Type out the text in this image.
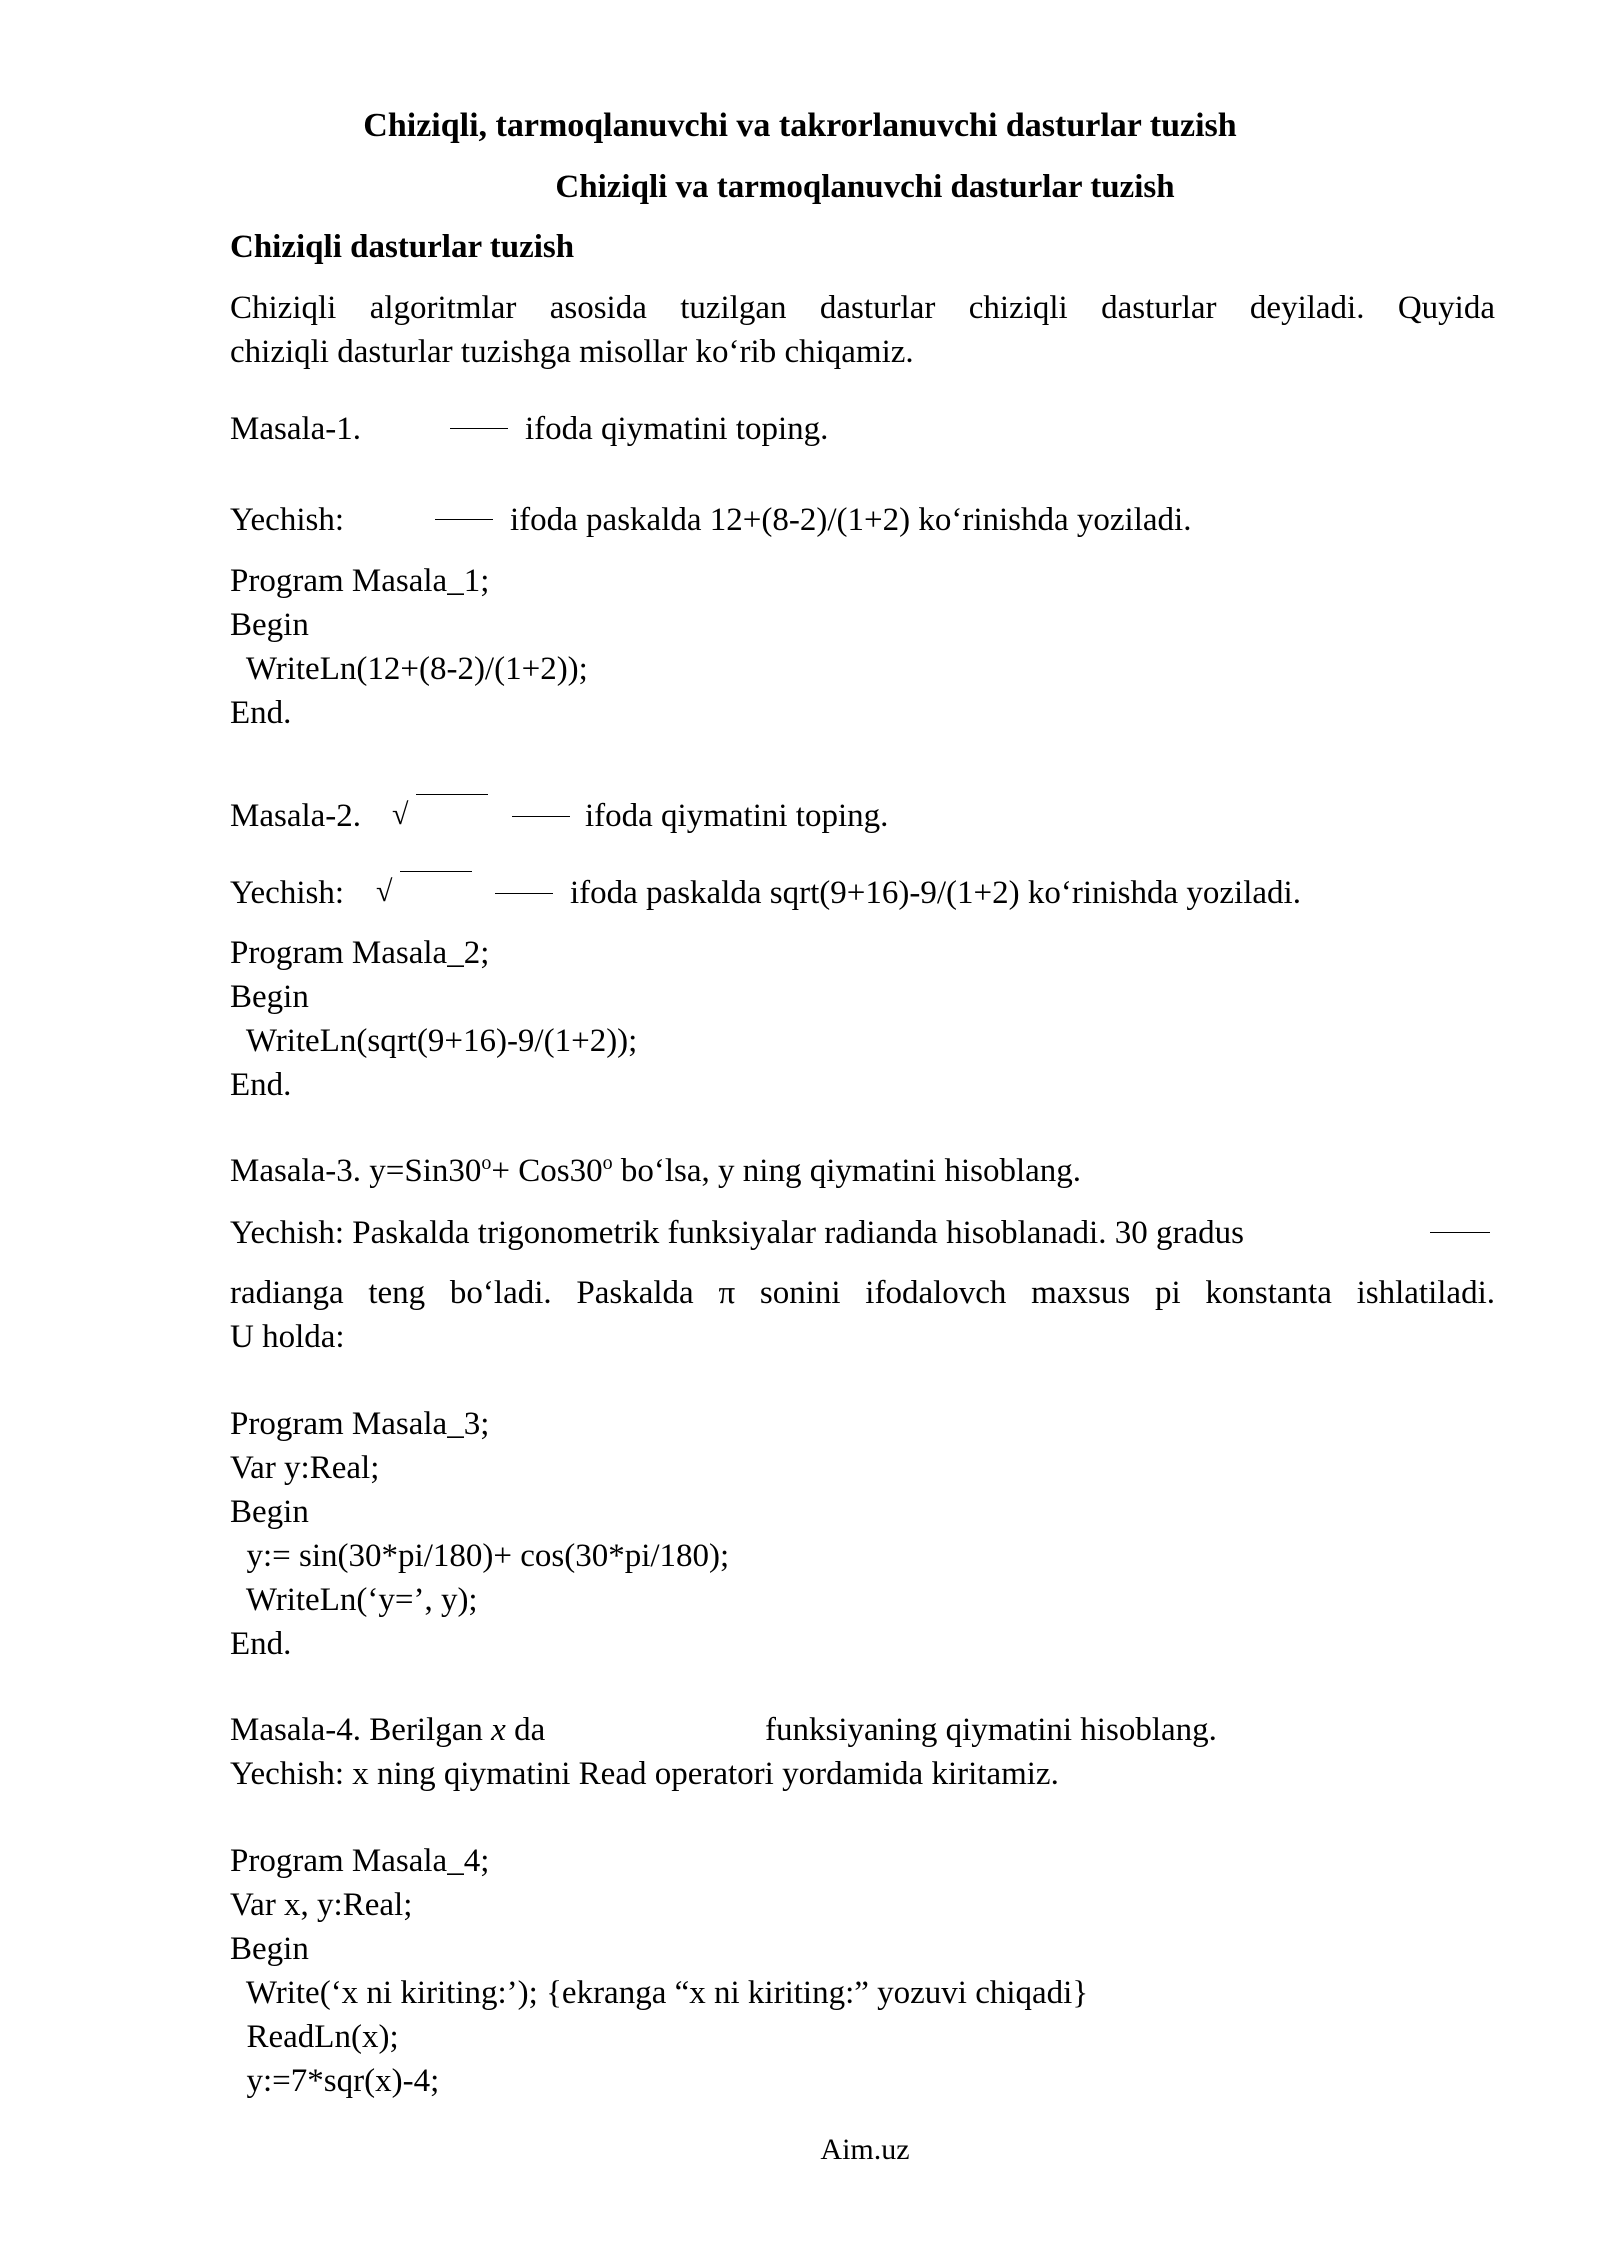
Chiziqli, tarmoqlanuvchi va takrorlanuvchi dasturlar tuzish
Chiziqli va tarmoqlanuvchi dasturlar tuzish
Chiziqli dasturlar tuzish
Chiziqli algoritmlar asosida tuzilgan dasturlar chiziqli dasturlar deyiladi. Quyida
chiziqli dasturlar tuzishga misollar ko‘rib chiqamiz.
Masala-1.	ifoda qiymatini toping.
Yechish:	ifoda paskalda 12+(8-2)/(1+2) ko‘rinishda yoziladi.
Program Masala_1;
Begin
WriteLn(12+(8-2)/(1+2));
End.
Masala-2. √	ifoda qiymatini toping.
Yechish: √	ifoda paskalda sqrt(9+16)-9/(1+2) ko‘rinishda yoziladi.
Program Masala_2;
Begin
WriteLn(sqrt(9+16)-9/(1+2));
End.
Masala-3. $y=Sin30^o+ Cos30^o$ bo‘lsa, y ning qiymatini hisoblang.
Yechish: Paskalda trigonometrik funksiyalar radianda hisoblanadi. 30 gradus
radianga teng bo‘ladi. Paskalda π sonini ifodalovch maxsus pi konstanta ishlatiladi.
U holda:
Program Masala_3;
Var y:Real;
Begin
y:= sin(30*pi/180)+ cos(30*pi/180);
WriteLn(‘y=’, y);
End.
Masala-4. Berilgan x da	funksiyaning qiymatini hisoblang.
Yechish: x ning qiymatini Read operatori yordamida kiritamiz.
Program Masala_4;
Var x, y:Real;
Begin
Write(‘x ni kiriting:’); {ekranga “x ni kiriting:” yozuvi chiqadi}
ReadLn(x);
y:=7*sqr(x)-4;
Aim.uz
